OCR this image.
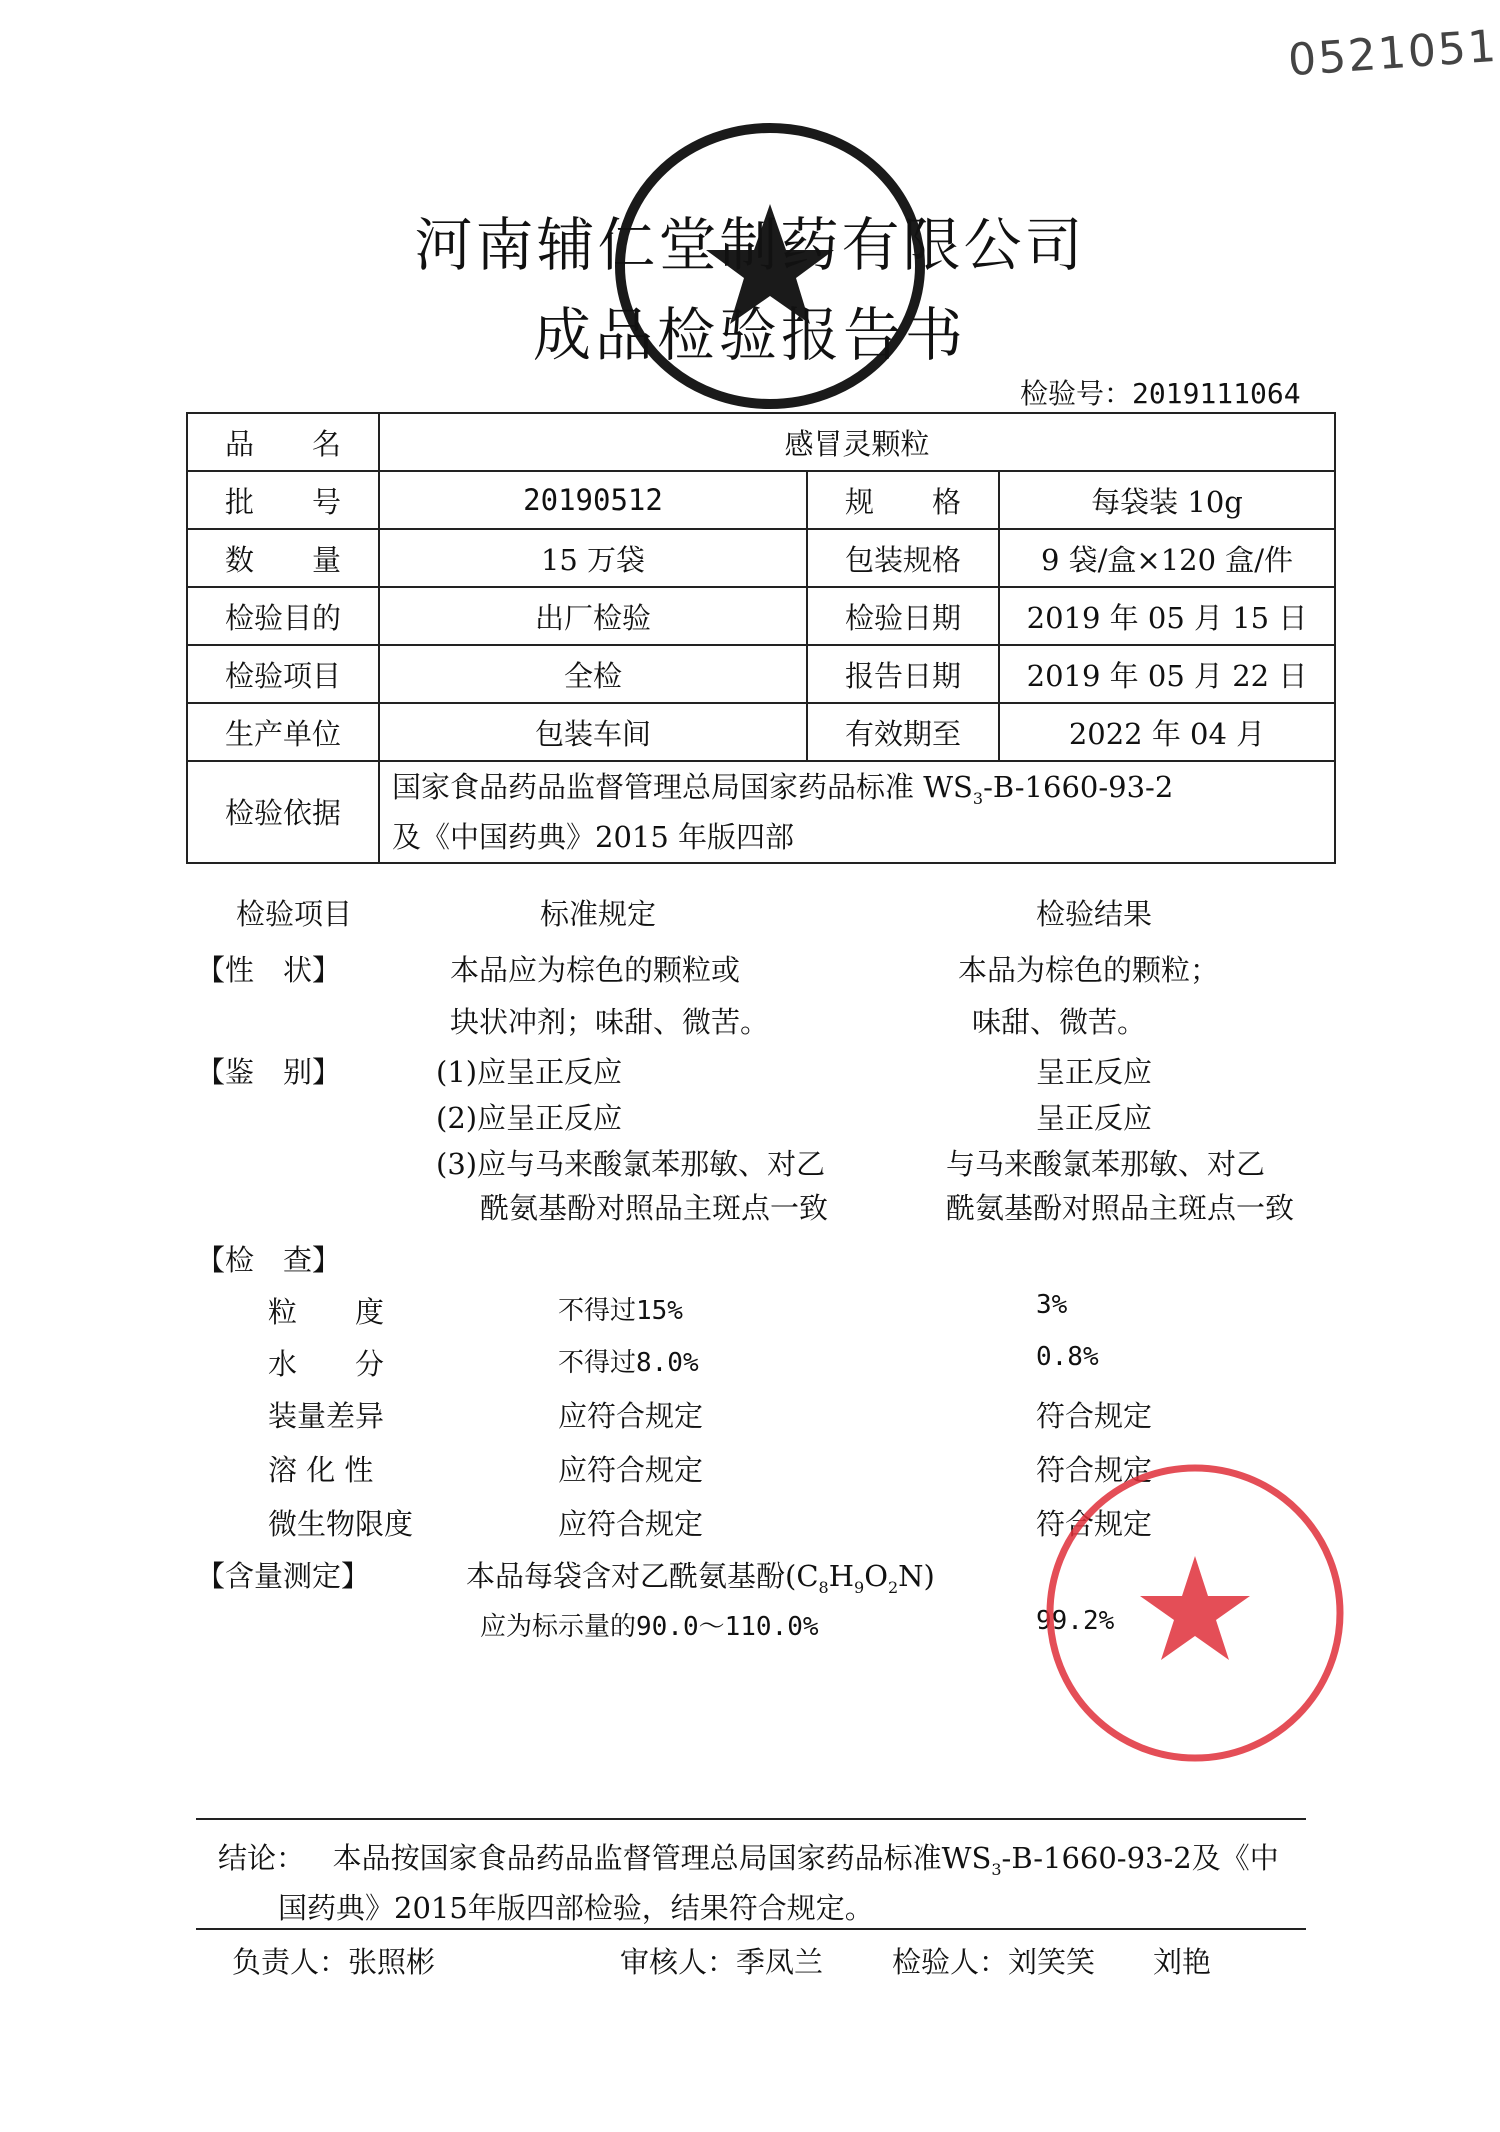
0521051
河南辅仁堂制药有限公司
成品检验报告书
检验号：2019111064
品　　名	感冒灵颗粒		
批　　号	20190512	规　　格	每袋装 10g
数　　量	15 万袋	包装规格	9 袋/盒×120 盒/件
检验目的	出厂检验	检验日期	2019 年 05 月 15 日
检验项目	全检	报告日期	2019 年 05 月 22 日
生产单位	包装车间	有效期至	2022 年 04 月
检验依据	国家食品药品监督管理总局国家药品标准 $WS_3-B-1660-93-2$
及《中国药典》2015 年版四部		
检验项目	标准规定	检验结果
【性　状】	本品应为棕色的颗粒或	本品为棕色的颗粒；
块状冲剂；味甜、微苦。	味甜、微苦。
【鉴　别】	(1)应呈正反应	呈正反应
(2)应呈正反应	呈正反应
(3)应与马来酸氯苯那敏、对乙	与马来酸氯苯那敏、对乙
酰氨基酚对照品主斑点一致	酰氨基酚对照品主斑点一致
【检　查】
粒　　度	不得过15%	3%
水　　分	不得过8.0%	0.8%
装量差异	应符合规定	符合规定
溶 化 性	应符合规定	符合规定
微生物限度	应符合规定	符合规定
【含量测定】	本品每袋含对乙酰氨基酚$(C_8H_9O_2N)$
应为标示量的90.0～110.0%	99.2%
结论： 本品按国家食品药品监督管理总局国家药品标准$WS_3-B-1660-93-2$及《中
国药典》2015年版四部检验，结果符合规定。
负责人：张照彬	审核人：季凤兰 检验人：刘笑笑　　刘艳
